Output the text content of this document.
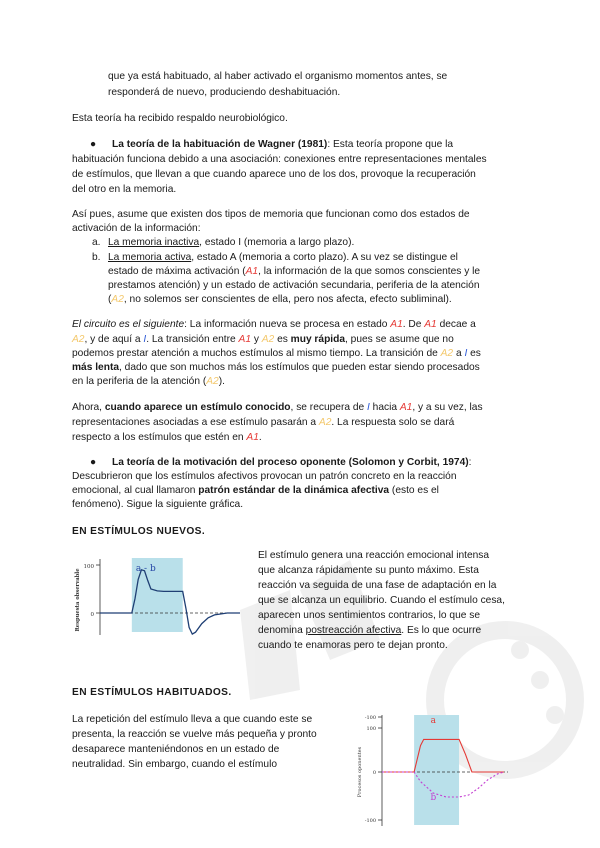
que ya está habituado, al haber activado el organismo momentos antes, se

responderá de nuevo, produciendo deshabituación.

Esta teoría ha recibido respaldo neurobiológico.

● La teoría de la habituación de Wagner (1981): Esta teoría propone que la

habituación funciona debido a una asociación: conexiones entre representaciones mentales

de estímulos, que llevan a que cuando aparece uno de los dos, provoque la recuperación

del otro en la memoria.

Así pues, asume que existen dos tipos de memoria que funcionan como dos estados de

activación de la información:

a. La memoria inactiva, estado I (memoria a largo plazo).

b. La memoria activa, estado A (memoria a corto plazo). A su vez se distingue el

estado de máxima activación (A1, la información de la que somos conscientes y le

prestamos atención) y un estado de activación secundaria, periferia de la atención

(A2, no solemos ser conscientes de ella, pero nos afecta, efecto subliminal).

El circuito es el siguiente: La información nueva se procesa en estado A1. De A1 decae a

A2, y de aquí a I. La transición entre A1 y A2 es muy rápida, pues se asume que no

podemos prestar atención a muchos estímulos al mismo tiempo. La transición de A2 a I es

más lenta, dado que son muchos más los estímulos que pueden estar siendo procesados

en la periferia de la atención (A2).

Ahora, cuando aparece un estímulo conocido, se recupera de I hacia A1, y a su vez, las

representaciones asociadas a ese estímulo pasarán a A2. La respuesta solo se dará

respecto a los estímulos que estén en A1.

● La teoría de la motivación del proceso oponente (Solomon y Corbit, 1974):

Descubrieron que los estímulos afectivos provocan un patrón concreto en la reacción

emocional, al cual llamaron patrón estándar de la dinámica afectiva (esto es el

fenómeno). Sigue la siguiente gráfica.

EN ESTÍMULOS NUEVOS.

100
0
Respuesta observable	a - b

El estímulo genera una reacción emocional intensa

que alcanza rápidamente su punto máximo. Esta

reacción va seguida de una fase de adaptación en la

que se alcanza un equilibrio. Cuando el estímulo cesa,

aparecen unos sentimientos contrarios, lo que se

denomina postreacción afectiva. Es lo que ocurre

cuando te enamoras pero te dejan pronto.

EN ESTÍMULOS HABITUADOS.

La repetición del estímulo lleva a que cuando este se

presenta, la reacción se vuelve más pequeña y pronto

desaparece manteniéndonos en un estado de

neutralidad. Sin embargo, cuando el estímulo

-100
100
0
-100
Procesos oponentes
a
b
